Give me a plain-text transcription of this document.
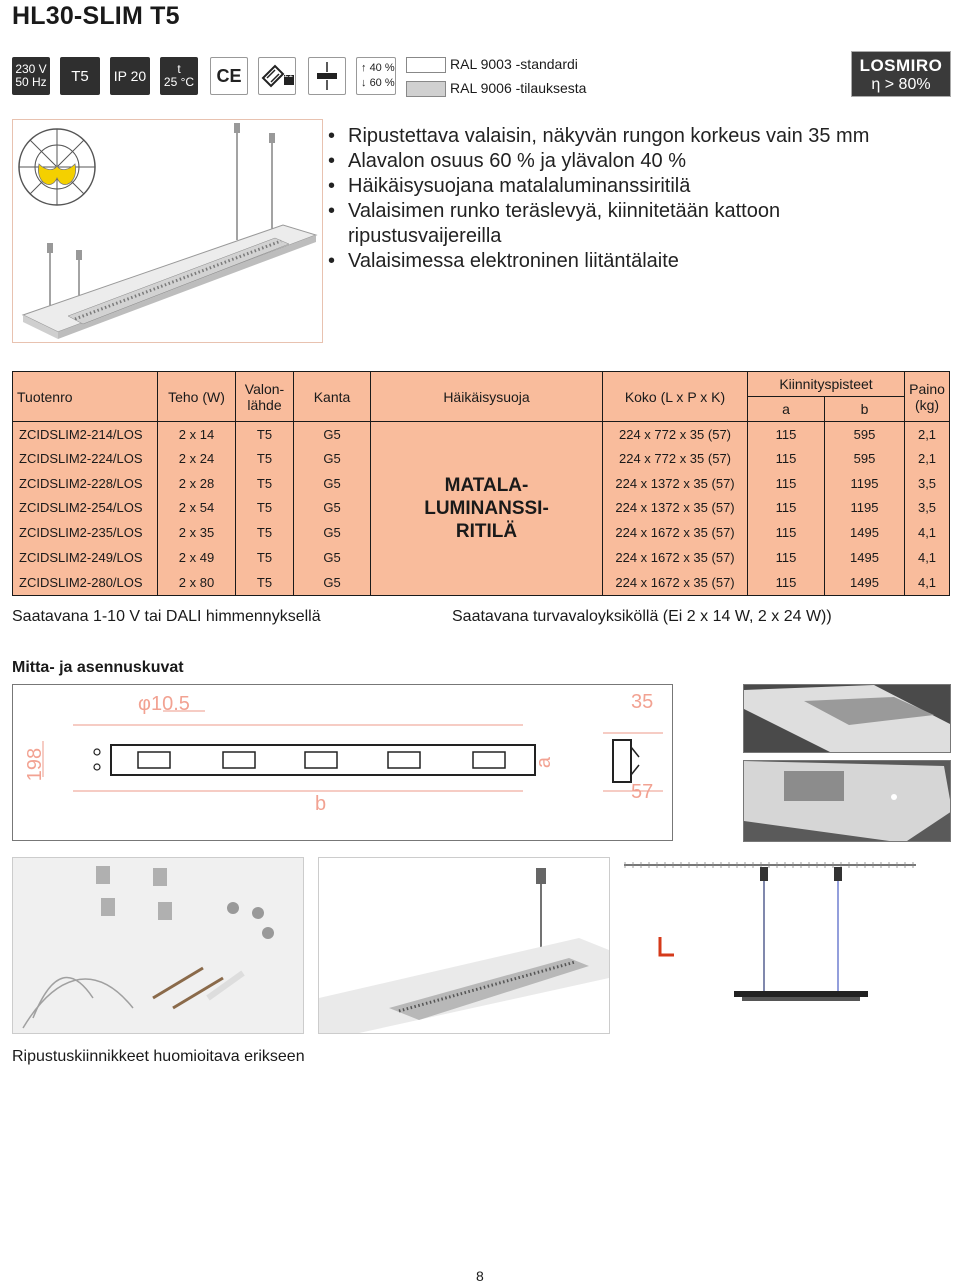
HL30-SLIM T5
230 V
50 Hz T5 IP 20	t
25 °C CE	21
↑ 40 %
↓ 60 %
RAL 9003 -standardi
RAL 9006 -tilauksesta
LOSMIRO
η > 80%
• Ripustettava valaisin, näkyvän rungon korkeus vain 35 mm
• Alavalon osuus 60 % ja ylävalon 40 %
• Häikäisysuojana matalaluminanssiritilä
• Valaisimen runko teräslevyä, kiinnitetään kattoon ripustusvaijereilla
• Valaisimessa elektroninen liitäntälaite
Tuotenro	Teho (W)	Valon-lähde	Kanta	Häikäisysuoja	Koko (L x P x K)	Kiinnityspisteet		Paino (kg)
						a	b	
ZCIDSLIM2-214/LOS	2 x 14	T5	G5	MATALA-
LUMINANSSI-
RITILÄ	224 x 772 x 35 (57)	115	595	2,1
ZCIDSLIM2-224/LOS	2 x 24	T5	G5		224 x 772 x 35 (57)	115	595	2,1
ZCIDSLIM2-228/LOS	2 x 28	T5	G5		224 x 1372 x 35 (57)	115	1195	3,5
ZCIDSLIM2-254/LOS	2 x 54	T5	G5		224 x 1372 x 35 (57)	115	1195	3,5
ZCIDSLIM2-235/LOS	2 x 35	T5	G5		224 x 1672 x 35 (57)	115	1495	4,1
ZCIDSLIM2-249/LOS	2 x 49	T5	G5		224 x 1672 x 35 (57)	115	1495	4,1
ZCIDSLIM2-280/LOS	2 x 80	T5	G5		224 x 1672 x 35 (57)	115	1495	4,1
Saatavana 1-10 V tai DALI himmennyksellä	Saatavana turvavaloyksiköllä (Ei 2 x 14 W, 2 x 24 W))
Mitta- ja asennuskuvat
φ10.5
198
35
57
a
b
Ripustuskiinnikkeet huomioitava erikseen
8
